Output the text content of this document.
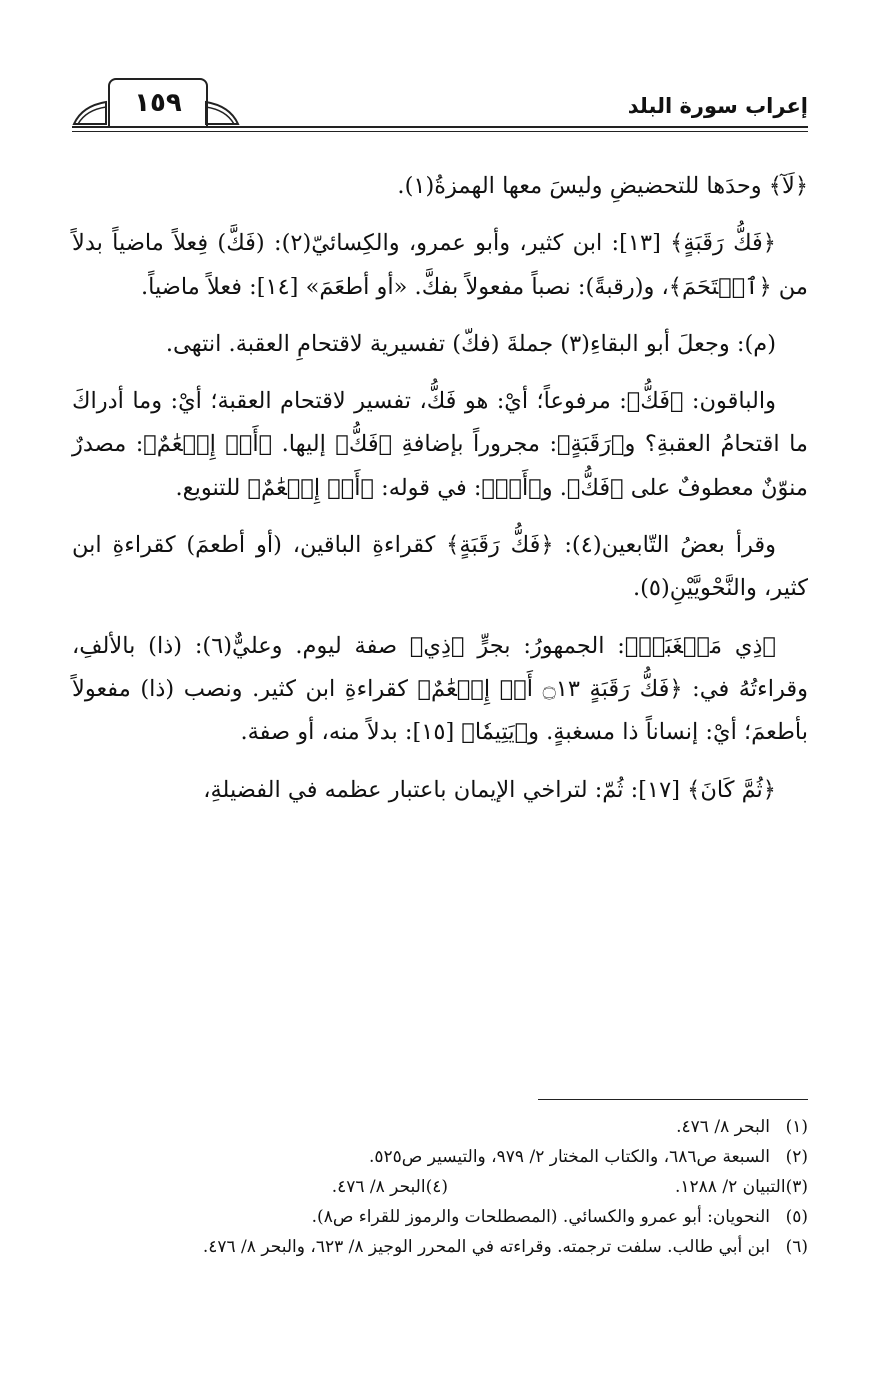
إعراب سورة البلد
١٥٩

﴿لَآ﴾ وحدَها للتحضيضِ وليسَ معها الهمزةُ(١).

﴿فَكُّ رَقَبَةٍ﴾ [١٣]: ابن كثير، وأبو عمرو، والكِسائيّ(٢): (فَكَّ) فِعلاً ماضياً بدلاً من ﴿ٱقۡتَحَمَ﴾، و(رقبةً): نصباً مفعولاً بفكَّ. «أو أطعَمَ» [١٤]: فعلاً ماضياً.

(م): وجعلَ أبو البقاءِ(٣) جملةَ (فكّ) تفسيرية لاقتحامِ العقبة. انتهى.

والباقون: ﴿فَكُّ﴾: مرفوعاً؛ أيْ: هو فَكُّ، تفسير لاقتحام العقبة؛ أيْ: وما أدراكَ ما اقتحامُ العقبةِ؟ و﴿رَقَبَةٍ﴾: مجروراً بإضافةِ ﴿فَكُّ﴾ إليها. ﴿أَوۡ إِطۡعَٰمٌ﴾: مصدرٌ منوّنٌ معطوفٌ على ﴿فَكُّ﴾. و﴿أَوۡ﴾: في قوله: ﴿أَوۡ إِطۡعَٰمٌ﴾ للتنويع.

وقرأ بعضُ التّابعين(٤): ﴿فَكُّ رَقَبَةٍ﴾ كقراءةِ الباقين، (أو أطعمَ) كقراءةِ ابن كثير، والنَّحْويَّيْنِ(٥).

﴿ذِي مَسۡغَبَةٖ﴾: الجمهورُ: بجرٍّ ﴿ذِي﴾ صفة ليوم. وعليٌّ(٦): (ذا) بالألفِ، وقراءتُهُ في: ﴿فَكُّ رَقَبَةٍ ۝١٣ أَوۡ إِطۡعَٰمٌ﴾ كقراءةِ ابن كثير. ونصب (ذا) مفعولاً بأطعمَ؛ أيْ: إنساناً ذا مسغبةٍ. و﴿يَتِيمٗا﴾ [١٥]: بدلاً منه، أو صفة.

﴿ثُمَّ كَانَ﴾ [١٧]: ثُمّ: لتراخي الإيمان باعتبار عظمه في الفضيلةِ،

(١)
البحر ٨/ ٤٧٦.
(٢)
السبعة ص٦٨٦، والكتاب المختار ٢/ ٩٧٩، والتيسير ص٥٢٥.
(٣)
التبيان ٢/ ١٢٨٨.
(٤)
البحر ٨/ ٤٧٦.
(٥)
النحويان: أبو عمرو والكسائي. (المصطلحات والرموز للقراء ص٨).
(٦)
ابن أبي طالب. سلفت ترجمته. وقراءته في المحرر الوجيز ٨/ ٦٢٣، والبحر ٨/ ٤٧٦.
